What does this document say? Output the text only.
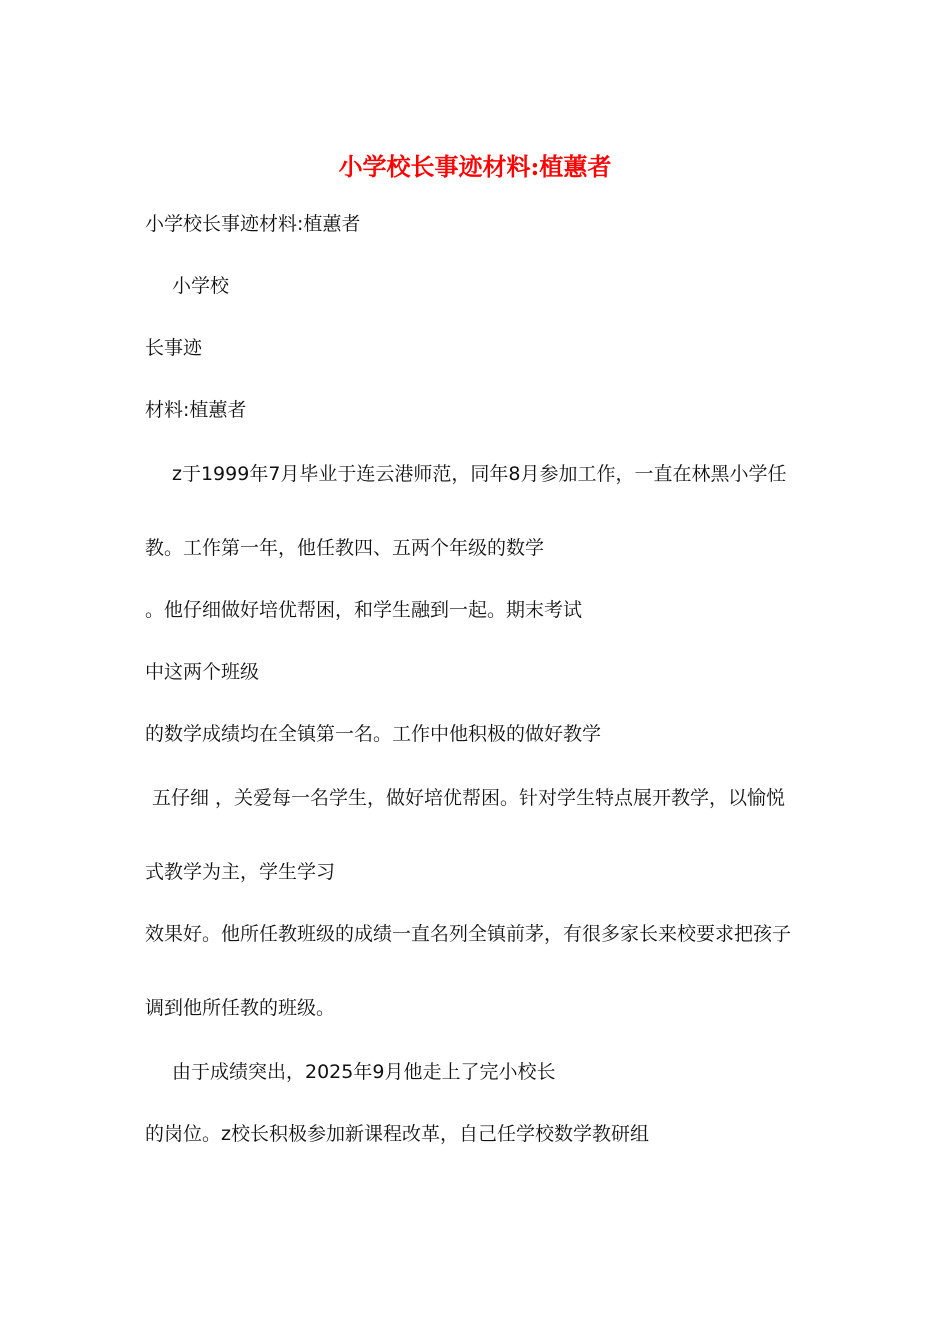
小学校长事迹材料:植蕙者

小学校长事迹材料:植蕙者

小学校

长事迹

材料:植蕙者

z于1999年7月毕业于连云港师范，同年8月参加工作，一直在林黑小学任

教。工作第一年，他任教四、五两个年级的数学

。他仔细做好培优帮困，和学生融到一起。期末考试

中这两个班级

的数学成绩均在全镇第一名。工作中他积极的做好教学

五仔细 ，关爱每一名学生，做好培优帮困。针对学生特点展开教学，以愉悦

式教学为主，学生学习

效果好。他所任教班级的成绩一直名列全镇前茅，有很多家长来校要求把孩子

调到他所任教的班级。

由于成绩突出，2025年9月他走上了完小校长

的岗位。z校长积极参加新课程改革，自己任学校数学教研组
